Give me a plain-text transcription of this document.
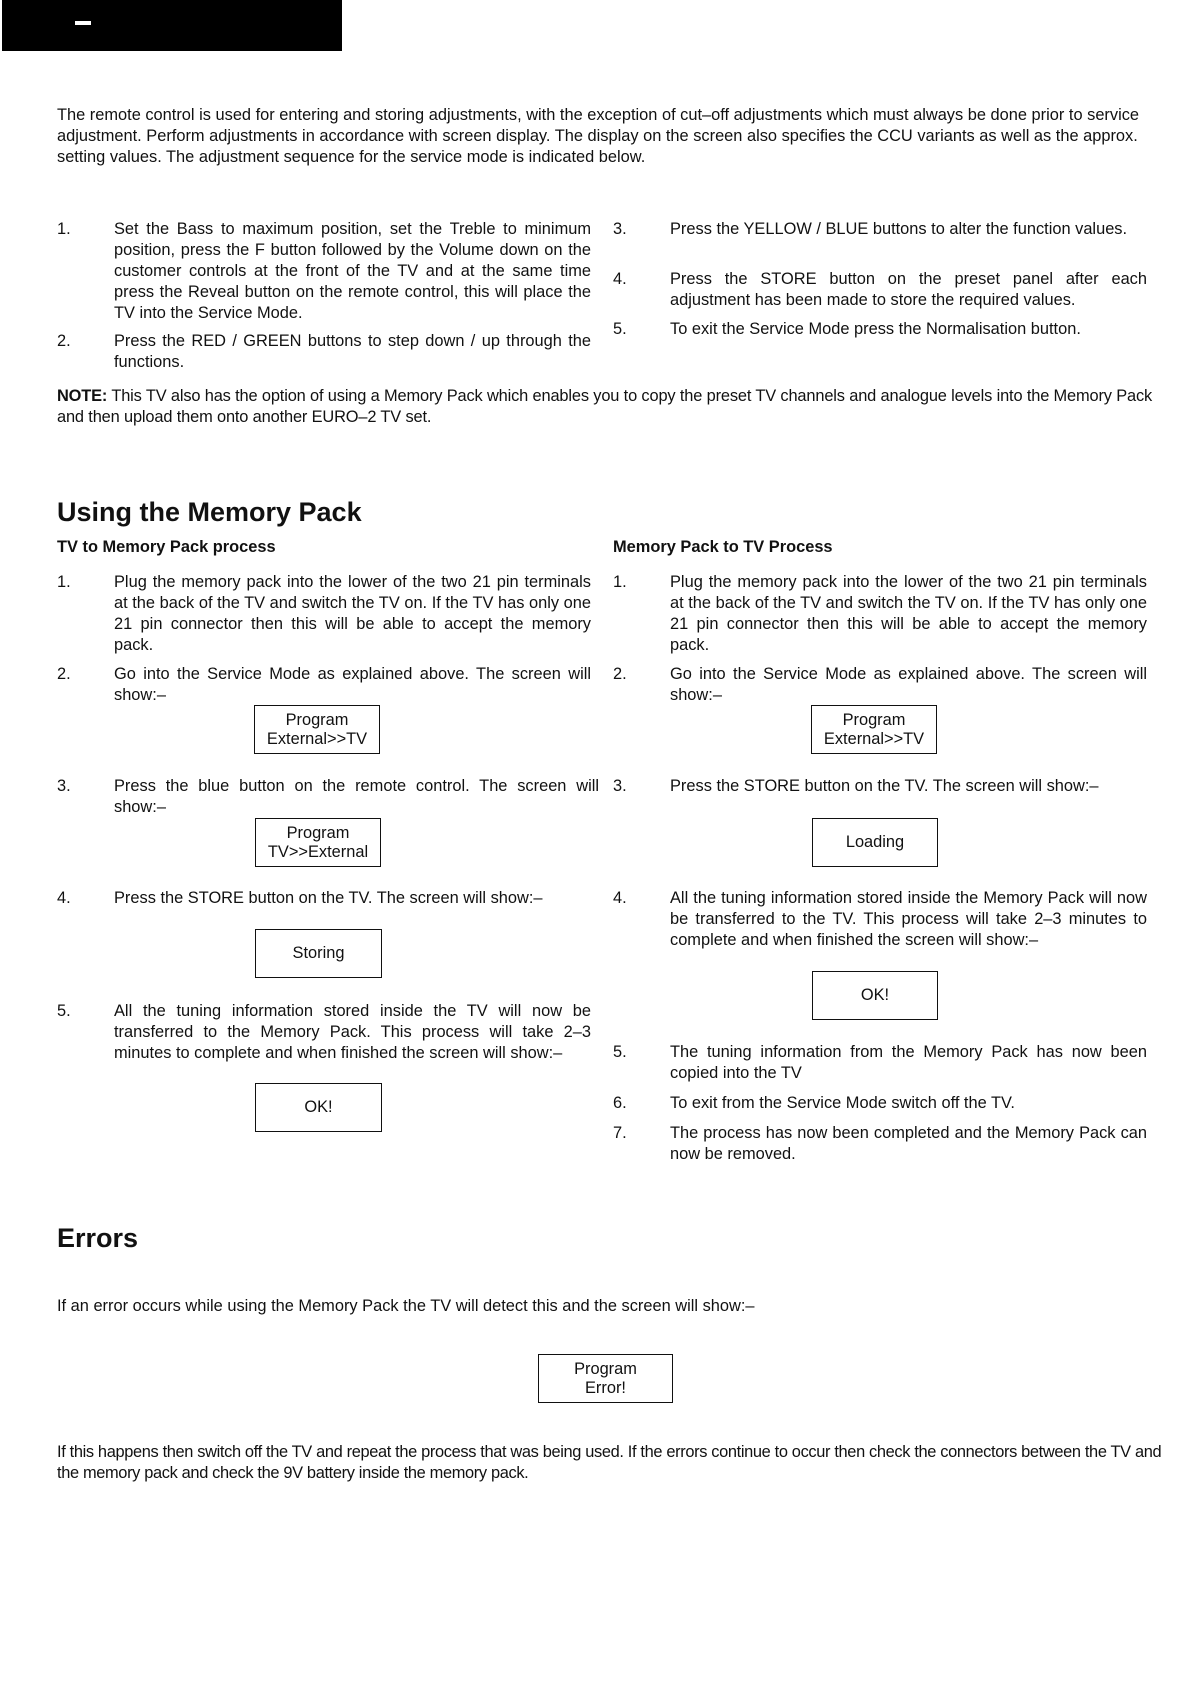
The remote control is used for entering and storing adjustments, with the exception of cut–off adjustments which must always be done prior to service adjustment. Perform adjustments in accordance with screen display. The display on the screen also specifies the CCU variants as well as the approx. setting values. The adjustment sequence for the service mode is indicated below.

1.	Set the Bass to maximum position, set the Treble to minimum position, press the F button followed by the Volume down on the customer controls at the front of the TV and at the same time press the Reveal button on the remote control, this will place the TV into the Service Mode.
2.	Press the RED / GREEN buttons to step down / up through the functions.
3.	Press the YELLOW / BLUE buttons to alter the function values.
4.	Press the STORE button on the preset panel after each adjustment has been made to store the required values.
5.	To exit the Service Mode press the Normalisation button.

NOTE: This TV also has the option of using a Memory Pack which enables you to copy the preset TV channels and analogue levels into the Memory Pack and then upload them onto another EURO–2 TV set.

Using the Memory Pack
TV to Memory Pack process	Memory Pack to TV Process
1.	Plug the memory pack into the lower of the two 21 pin terminals at the back of the TV and switch the TV on. If the TV has only one 21 pin connector then this will be able to accept the memory pack.
2.	Go into the Service Mode as explained above. The screen will show:–
Program
External>>TV
3.	Press the blue button on the remote control. The screen will show:–
Program
TV>>External
4.	Press the STORE button on the TV. The screen will show:–
Storing
5.	All the tuning information stored inside the TV will now be transferred to the Memory Pack. This process will take 2–3 minutes to complete and when finished the screen will show:–
OK!
1.	Plug the memory pack into the lower of the two 21 pin terminals at the back of the TV and switch the TV on. If the TV has only one 21 pin connector then this will be able to accept the memory pack.
2.	Go into the Service Mode as explained above. The screen will show:–
Program
External>>TV
3.	Press the STORE button on the TV. The screen will show:–
Loading
4.	All the tuning information stored inside the Memory Pack will now be transferred to the TV. This process will take 2–3 minutes to complete and when finished the screen will show:–
OK!
5.	The tuning information from the Memory Pack has now been copied into the TV
6.	To exit from the Service Mode switch off the TV.
7.	The process has now been completed and the Memory Pack can now be removed.
Errors

If an error occurs while using the Memory Pack the TV will detect this and the screen will show:–

Program
Error!

If this happens then switch off the TV and repeat the process that was being used. If the errors continue to occur then check the connectors between the TV and the memory pack and check the 9V battery inside the memory pack.
